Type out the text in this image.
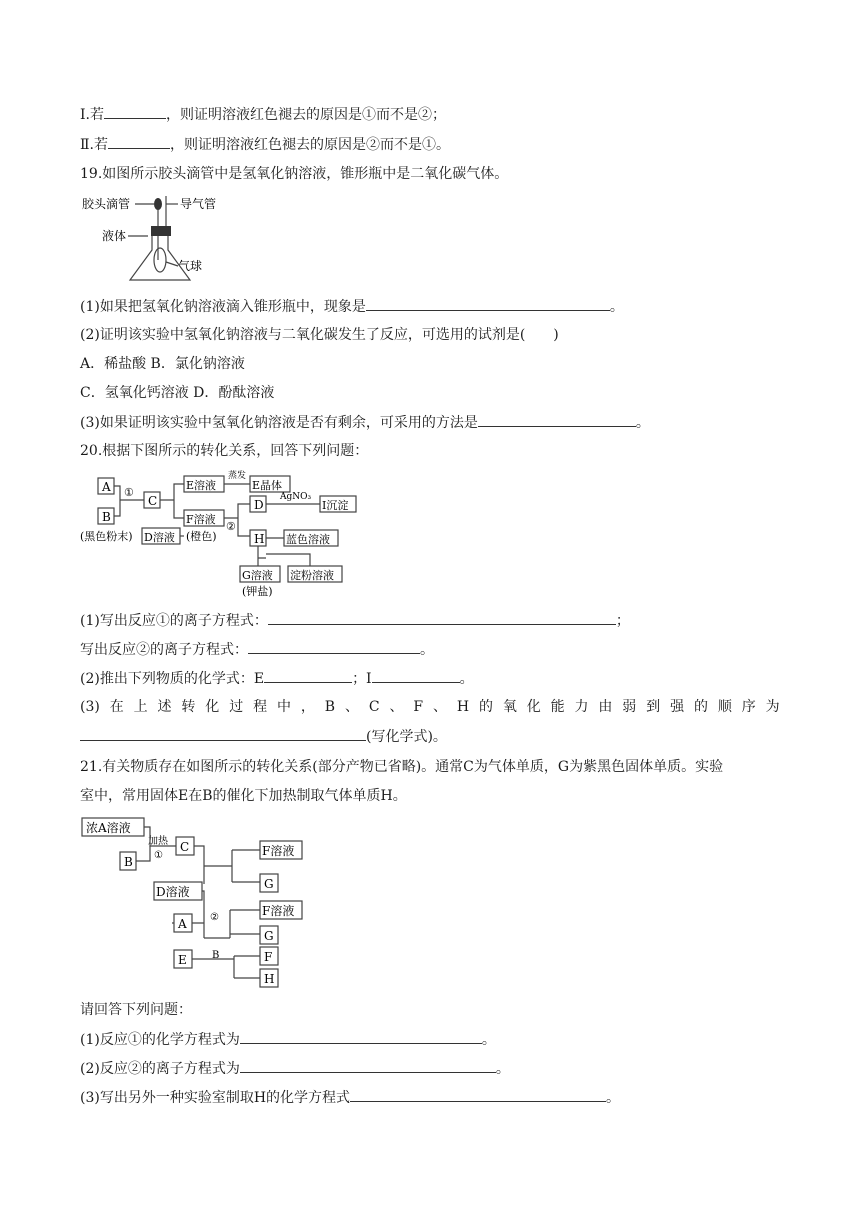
Ⅰ.若	，则证明溶液红色褪去的原因是①而不是②；
Ⅱ.若	，则证明溶液红色褪去的原因是②而不是①。
19.如图所示胶头滴管中是氢氧化钠溶液，锥形瓶中是二氧化碳气体。
胶头滴管	导气管
液体
气球
(1)如果把氢氧化钠溶液滴入锥形瓶中，现象是	。
(2)证明该实验中氢氧化钠溶液与二氧化碳发生了反应，可选用的试剂是(　　)
A．稀盐酸 B．氯化钠溶液
C．氢氧化钙溶液 D．酚酞溶液
(3)如果证明该实验中氢氧化钠溶液是否有剩余，可采用的方法是	。
20.根据下图所示的转化关系，回答下列问题：
A
B
(黑色粉末)
①
C
E溶液
蒸发
E晶体
D溶液
F溶液
(橙色)
②
D
AgNO₃
I沉淀
H 蓝色溶液
G溶液
(钾盐)
淀粉溶液
(1)写出反应①的离子方程式：	；
写出反应②的离子方程式：	。
(2)推出下列物质的化学式：E	；I	。
(3) 在 上 述 转 化 过 程 中 ， B 、 C 、 F 、 H 的 氧 化 能 力 由 弱 到 强 的 顺 序 为
(写化学式)。
21.有关物质存在如图所示的转化关系(部分产物已省略)。通常C为气体单质，G为紫黑色固体单质。实验
室中，常用固体E在B的催化下加热制取气体单质H。
浓A溶液
加热
①
B
C	F溶液
G
D溶液
A ②	F溶液
G
E	B	F
H
请回答下列问题：
(1)反应①的化学方程式为	。
(2)反应②的离子方程式为	。
(3)写出另外一种实验室制取H的化学方程式	。
